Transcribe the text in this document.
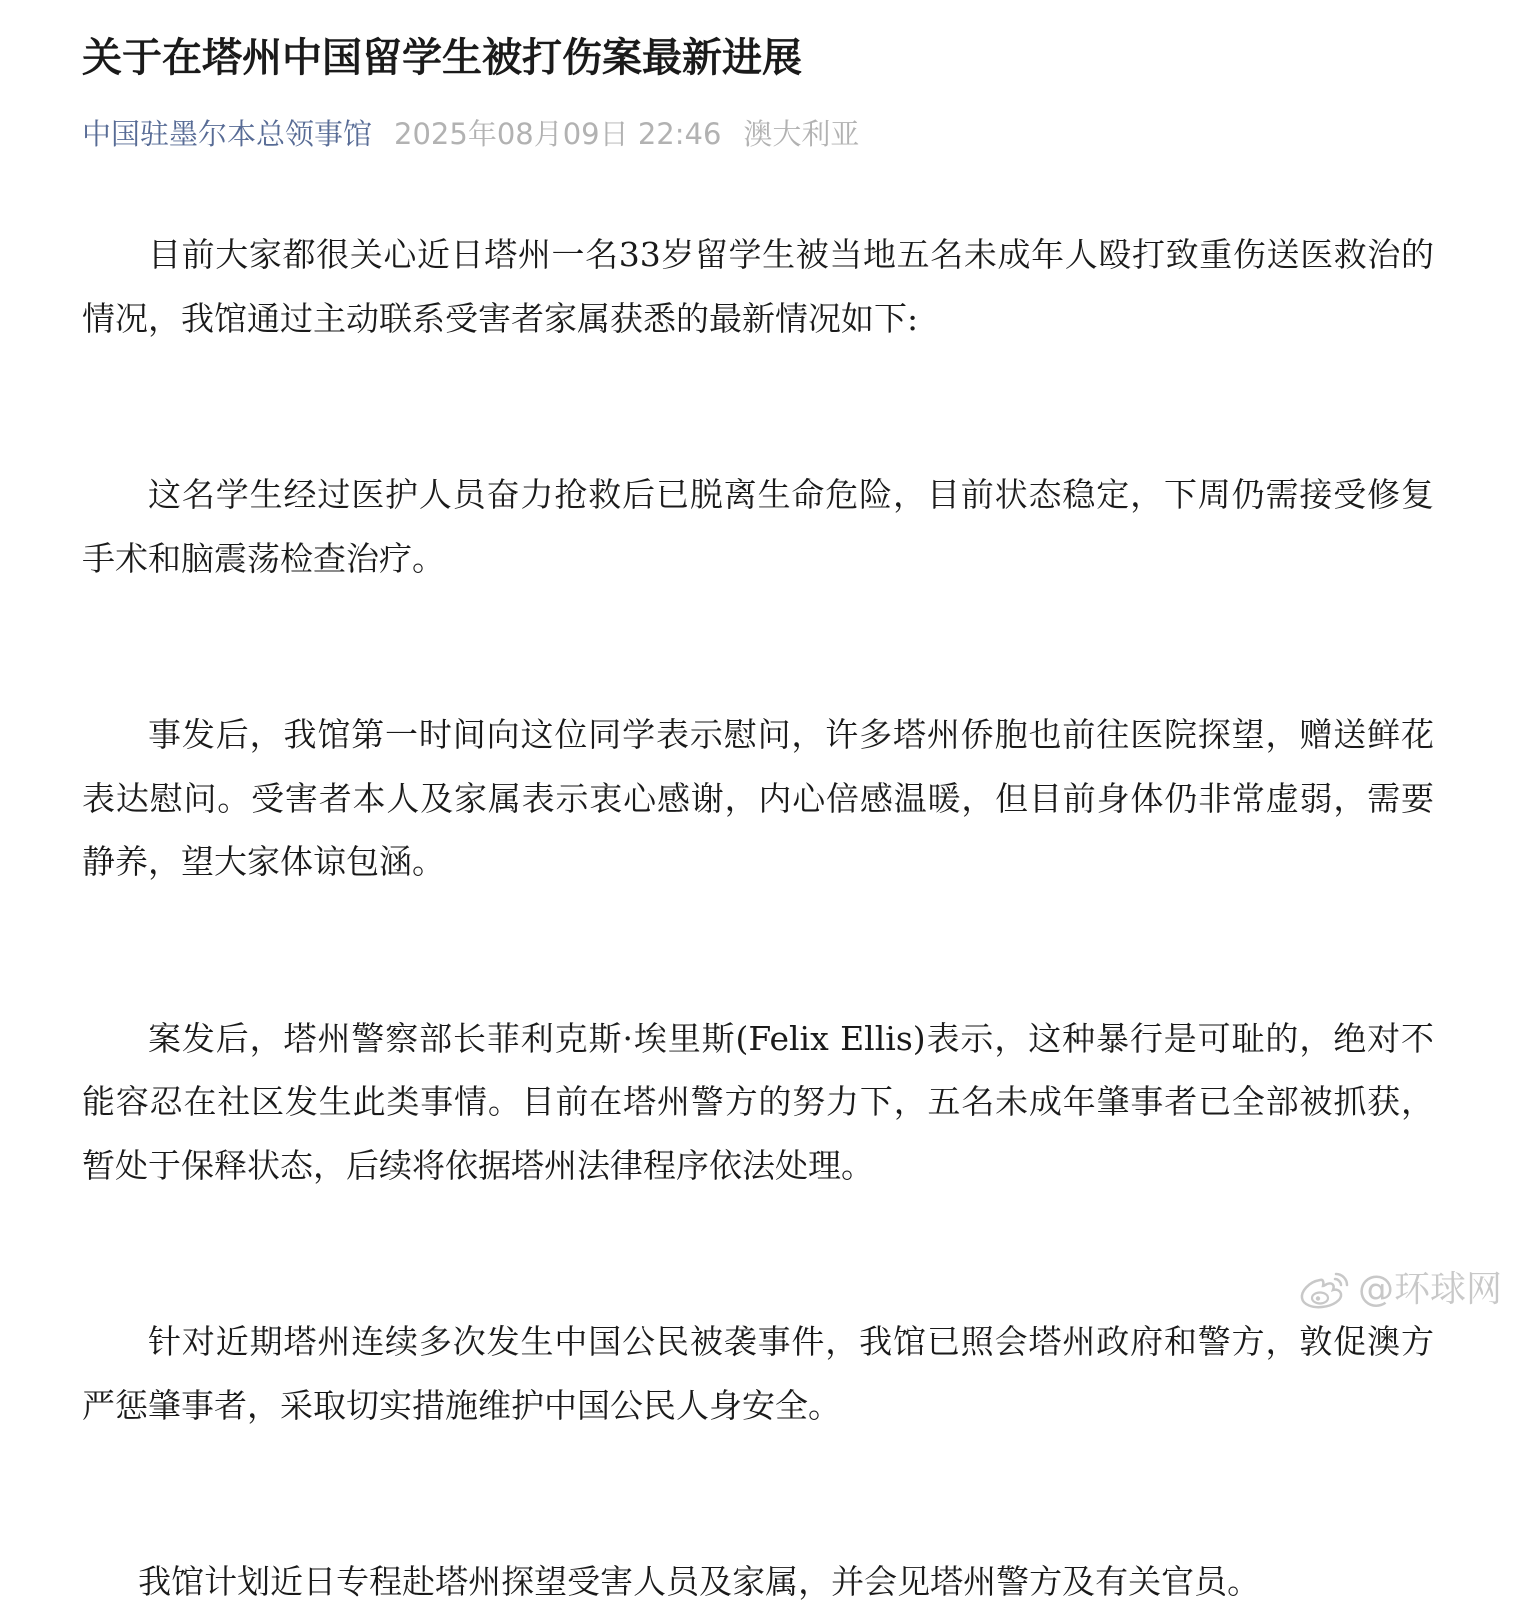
关于在塔州中国留学生被打伤案最新进展
中国驻墨尔本总领事馆 2025年08月09日 22:46 澳大利亚

目前大家都很关心近日塔州一名33岁留学生被当地五名未成年人殴打致重伤送医救治的情况，我馆通过主动联系受害者家属获悉的最新情况如下:

这名学生经过医护人员奋力抢救后已脱离生命危险，目前状态稳定，下周仍需接受修复手术和脑震荡检查治疗。

事发后，我馆第一时间向这位同学表示慰问，许多塔州侨胞也前往医院探望，赠送鲜花表达慰问。受害者本人及家属表示衷心感谢，内心倍感温暖，但目前身体仍非常虚弱，需要静养，望大家体谅包涵。

案发后，塔州警察部长菲利克斯·埃里斯(Felix Ellis)表示，这种暴行是可耻的，绝对不能容忍在社区发生此类事情。目前在塔州警方的努力下，五名未成年肇事者已全部被抓获，暂处于保释状态，后续将依据塔州法律程序依法处理。

针对近期塔州连续多次发生中国公民被袭事件，我馆已照会塔州政府和警方，敦促澳方严惩肇事者，采取切实措施维护中国公民人身安全。

我馆计划近日专程赴塔州探望受害人员及家属，并会见塔州警方及有关官员。

@环球网
